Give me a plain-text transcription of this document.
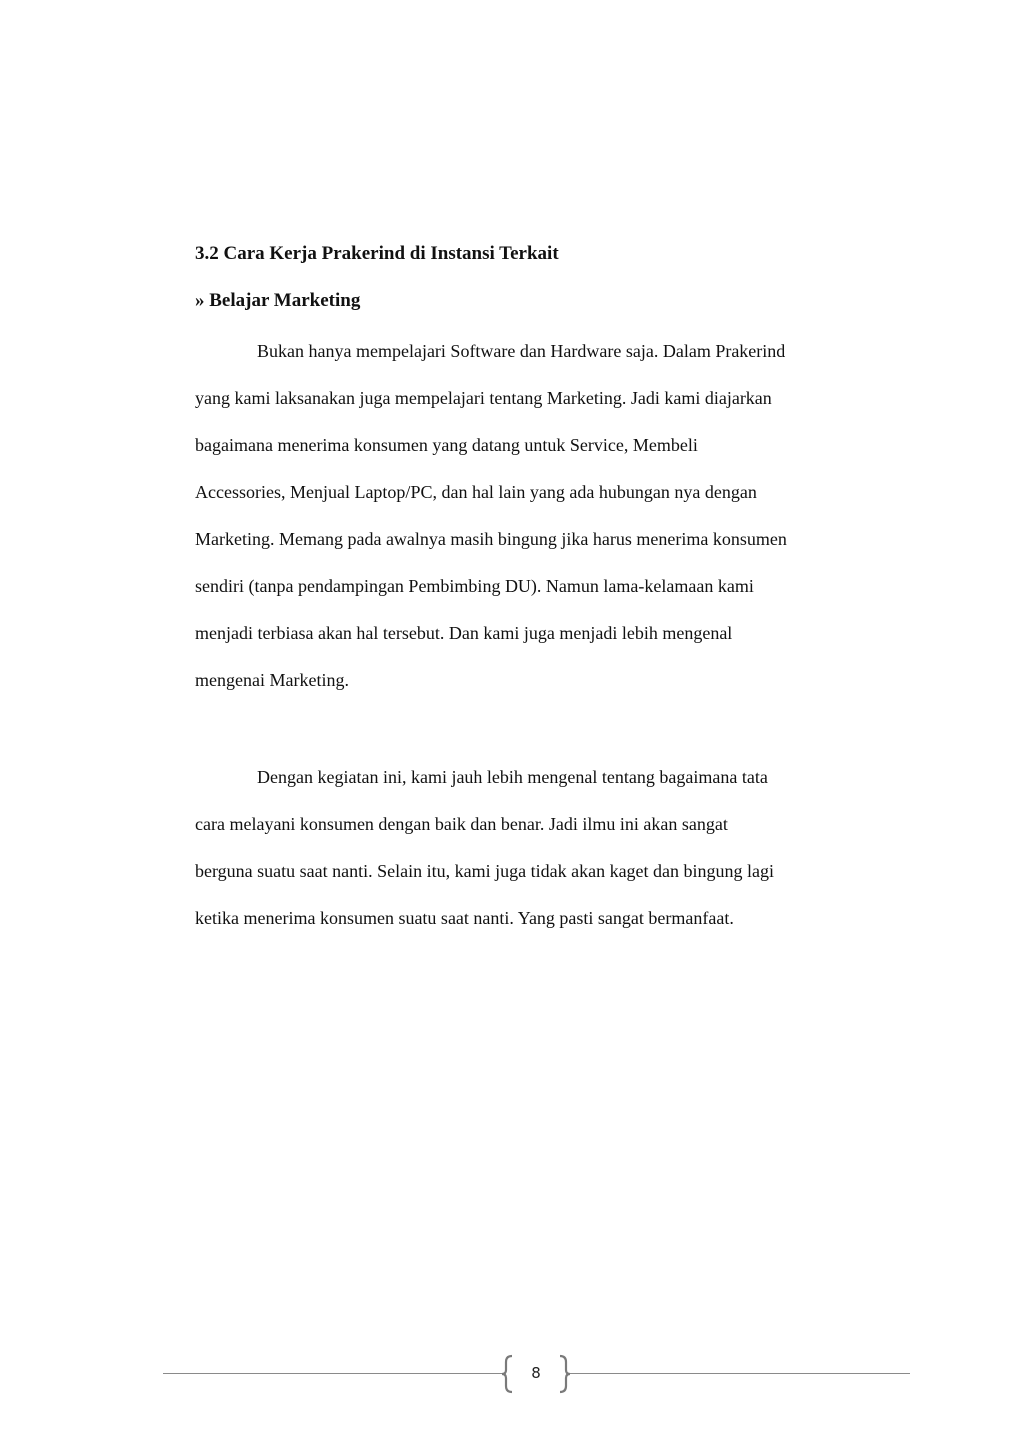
3.2 Cara Kerja Prakerind di Instansi Terkait
» Belajar Marketing
Bukan hanya mempelajari Software dan Hardware saja. Dalam Prakerind
yang kami laksanakan juga mempelajari tentang Marketing. Jadi kami diajarkan
bagaimana menerima konsumen yang datang untuk Service, Membeli
Accessories, Menjual Laptop/PC, dan hal lain yang ada hubungan nya dengan
Marketing. Memang pada awalnya masih bingung jika harus menerima konsumen
sendiri (tanpa pendampingan Pembimbing DU). Namun lama-kelamaan kami
menjadi terbiasa akan hal tersebut. Dan kami juga menjadi lebih mengenal
mengenai Marketing.
Dengan kegiatan ini, kami jauh lebih mengenal tentang bagaimana tata
cara melayani konsumen dengan baik dan benar. Jadi ilmu ini akan sangat
berguna suatu saat nanti. Selain itu, kami juga tidak akan kaget dan bingung lagi
ketika menerima konsumen suatu saat nanti. Yang pasti sangat bermanfaat.
8
